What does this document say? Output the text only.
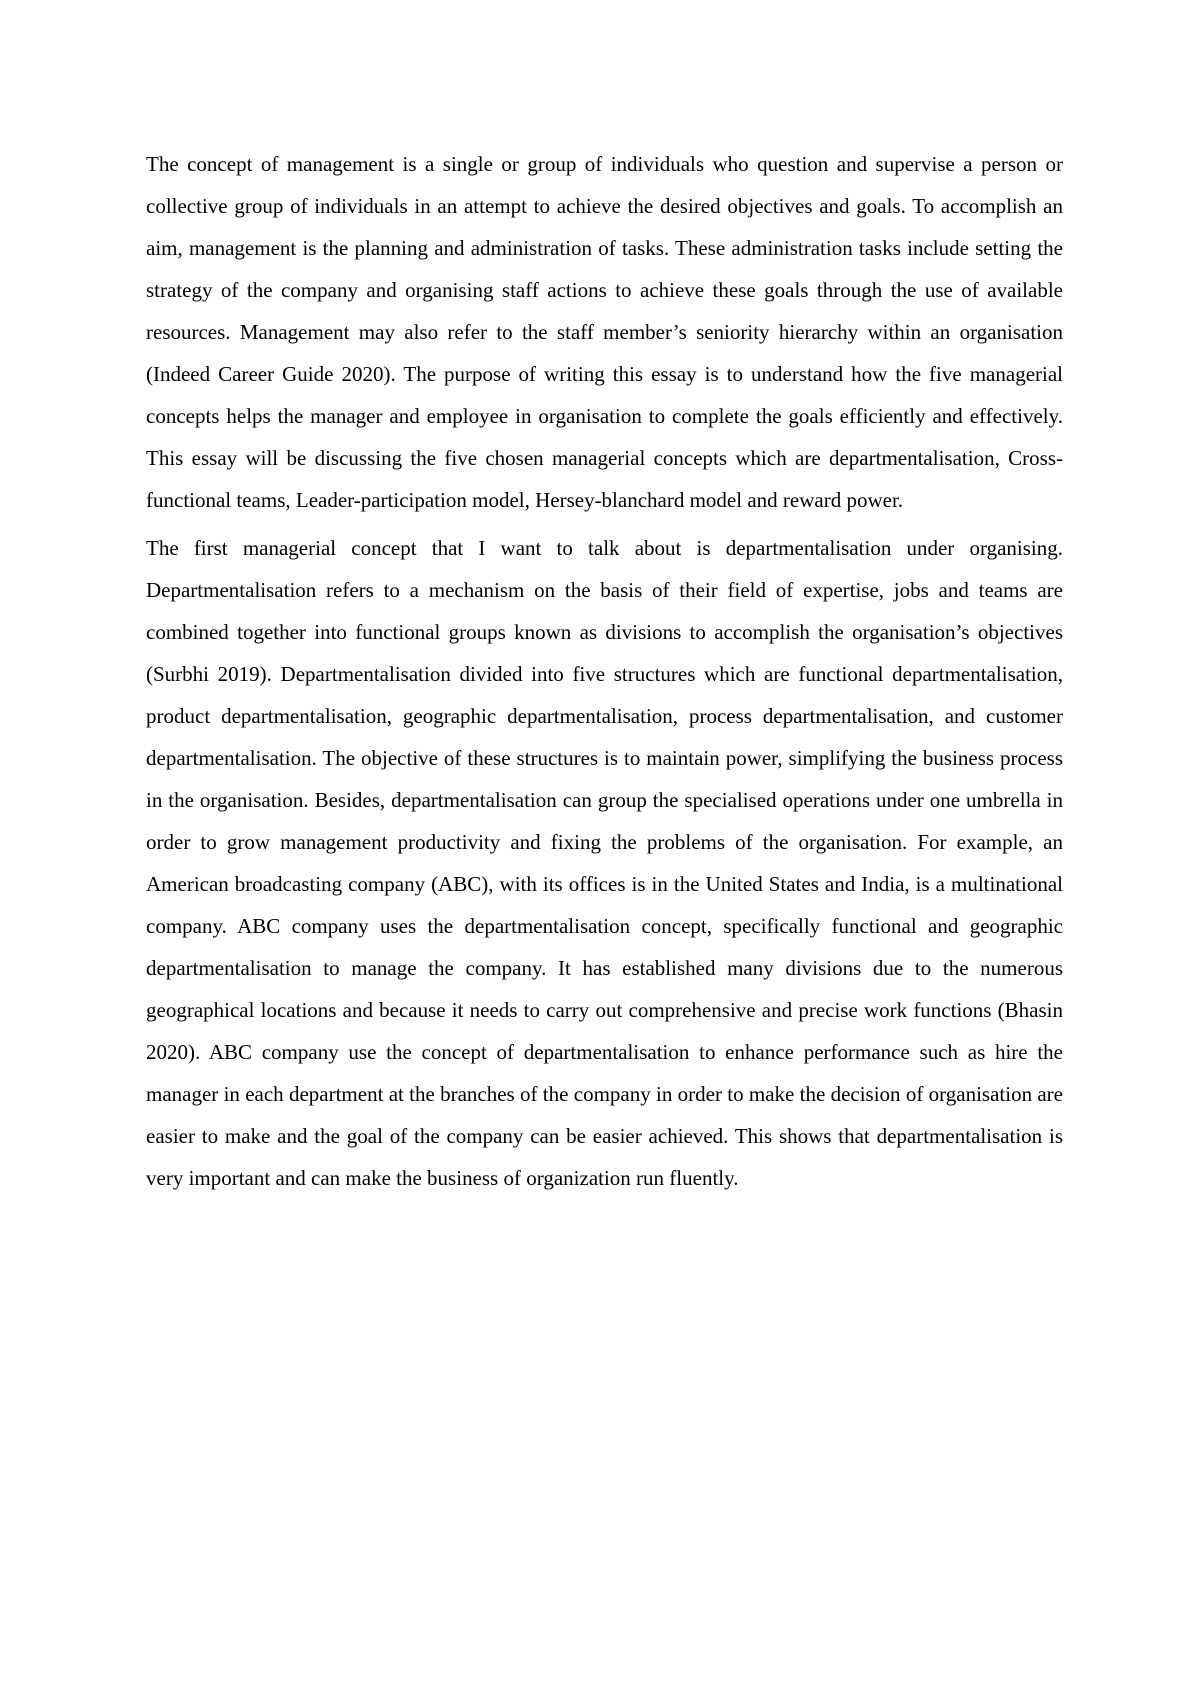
The concept of management is a single or group of individuals who question and supervise a person or collective group of individuals in an attempt to achieve the desired objectives and goals. To accomplish an aim, management is the planning and administration of tasks. These administration tasks include setting the strategy of the company and organising staff actions to achieve these goals through the use of available resources. Management may also refer to the staff member’s seniority hierarchy within an organisation (Indeed Career Guide 2020). The purpose of writing this essay is to understand how the five managerial concepts helps the manager and employee in organisation to complete the goals efficiently and effectively. This essay will be discussing the five chosen managerial concepts which are departmentalisation, Cross-functional teams, Leader-participation model, Hersey-blanchard model and reward power.

The first managerial concept that I want to talk about is departmentalisation under organising. Departmentalisation refers to a mechanism on the basis of their field of expertise, jobs and teams are combined together into functional groups known as divisions to accomplish the organisation’s objectives (Surbhi 2019). Departmentalisation divided into five structures which are functional departmentalisation, product departmentalisation, geographic departmentalisation, process departmentalisation, and customer departmentalisation. The objective of these structures is to maintain power, simplifying the business process in the organisation. Besides, departmentalisation can group the specialised operations under one umbrella in order to grow management productivity and fixing the problems of the organisation. For example, an American broadcasting company (ABC), with its offices is in the United States and India, is a multinational company. ABC company uses the departmentalisation concept, specifically functional and geographic departmentalisation to manage the company. It has established many divisions due to the numerous geographical locations and because it needs to carry out comprehensive and precise work functions (Bhasin 2020). ABC company use the concept of departmentalisation to enhance performance such as hire the manager in each department at the branches of the company in order to make the decision of organisation are easier to make and the goal of the company can be easier achieved. This shows that departmentalisation is very important and can make the business of organization run fluently.
